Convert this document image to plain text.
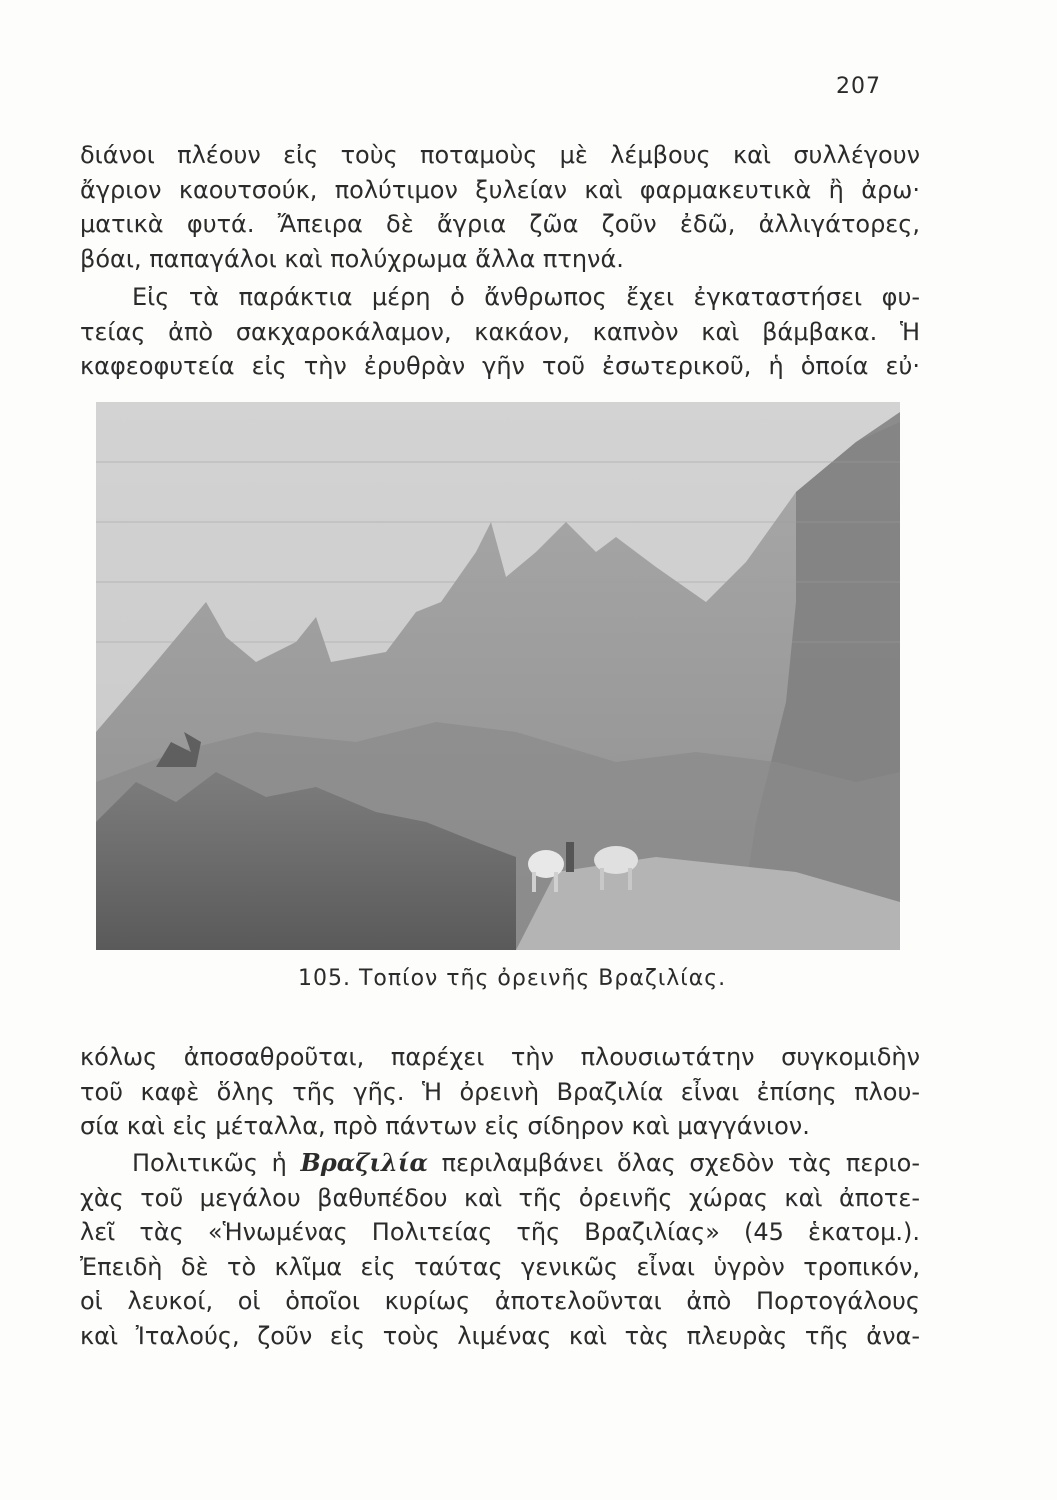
207

διάνοι πλέουν εἰς τοὺς ποταμοὺς μὲ λέμβους καὶ συλλέγουν
ἄγριον καουτσούκ, πολύτιμον ξυλείαν καὶ φαρμακευτικὰ ἢ ἀρω·
ματικὰ φυτά. Ἄπειρα δὲ ἄγρια ζῶα ζοῦν ἐδῶ, ἀλλιγάτορες,
βόαι, παπαγάλοι καὶ πολύχρωμα ἄλλα πτηνά.

Εἰς τὰ παράκτια μέρη ὁ ἄνθρωπος ἔχει ἐγκαταστήσει φυ-
τείας ἀπὸ σακχαροκάλαμον, κακάον, καπνὸν καὶ βάμβακα. Ἡ
καφεοφυτεία εἰς τὴν ἐρυθρὰν γῆν τοῦ ἐσωτερικοῦ, ἡ ὁποία εὐ·

105. Τοπίον τῆς ὀρεινῆς Βραζιλίας.

κόλως ἀποσαθροῦται, παρέχει τὴν πλουσιωτάτην συγκομιδὴν
τοῦ καφὲ ὅλης τῆς γῆς. Ἡ ὀρεινὴ Βραζιλία εἶναι ἐπίσης πλου-
σία καὶ εἰς μέταλλα, πρὸ πάντων εἰς σίδηρον καὶ μαγγάνιον.

Πολιτικῶς ἡ Βραζιλία περιλαμβάνει ὅλας σχεδὸν τὰς περιο-
χὰς τοῦ μεγάλου βαθυπέδου καὶ τῆς ὀρεινῆς χώρας καὶ ἀποτε-
λεῖ τὰς «Ἡνωμένας Πολιτείας τῆς Βραζιλίας» (45 ἑκατομ.).
Ἐπειδὴ δὲ τὸ κλῖμα εἰς ταύτας γενικῶς εἶναι ὑγρὸν τροπικόν,
οἱ λευκοί, οἱ ὁποῖοι κυρίως ἀποτελοῦνται ἀπὸ Πορτογάλους
καὶ Ἰταλούς, ζοῦν εἰς τοὺς λιμένας καὶ τὰς πλευρὰς τῆς ἀνα-
